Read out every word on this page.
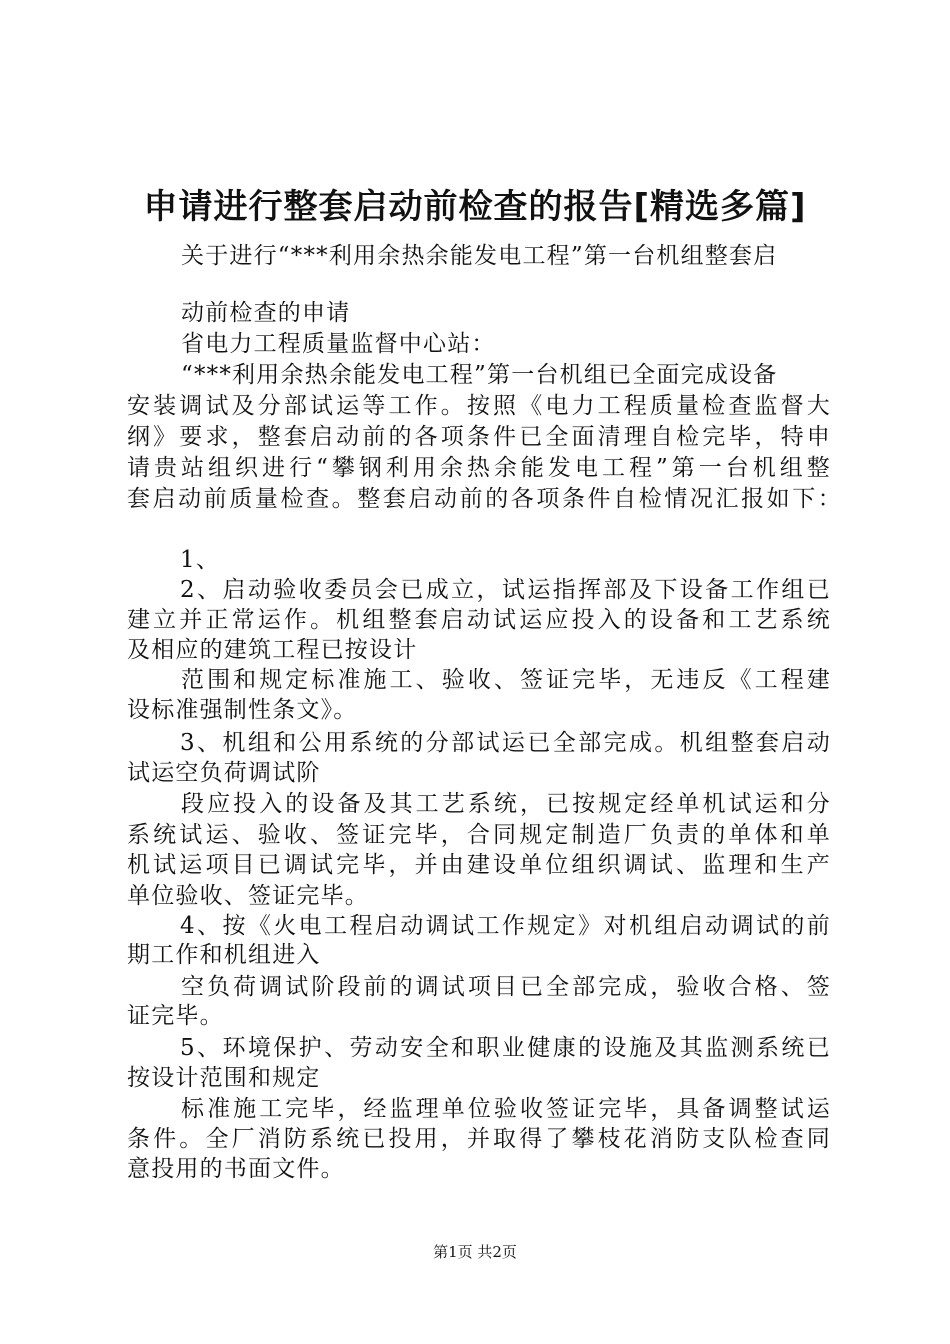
申请进行整套启动前检查的报告[精选多篇]
关于进行“***利用余热余能发电工程”第一台机组整套启
动前检查的申请
省电力工程质量监督中心站：
“***利用余热余能发电工程”第一台机组已全面完成设备
安装调试及分部试运等工作。按照《电力工程质量检查监督大
纲》要求，整套启动前的各项条件已全面清理自检完毕，特申
请贵站组织进行“攀钢利用余热余能发电工程”第一台机组整
套启动前质量检查。整套启动前的各项条件自检情况汇报如下：
1、
2、启动验收委员会已成立，试运指挥部及下设备工作组已
建立并正常运作。机组整套启动试运应投入的设备和工艺系统
及相应的建筑工程已按设计
范围和规定标准施工、验收、签证完毕，无违反《工程建
设标准强制性条文》。
3、机组和公用系统的分部试运已全部完成。机组整套启动
试运空负荷调试阶
段应投入的设备及其工艺系统，已按规定经单机试运和分
系统试运、验收、签证完毕，合同规定制造厂负责的单体和单
机试运项目已调试完毕，并由建设单位组织调试、监理和生产
单位验收、签证完毕。
4、按《火电工程启动调试工作规定》对机组启动调试的前
期工作和机组进入
空负荷调试阶段前的调试项目已全部完成，验收合格、签
证完毕。
5、环境保护、劳动安全和职业健康的设施及其监测系统已
按设计范围和规定
标准施工完毕，经监理单位验收签证完毕，具备调整试运
条件。全厂消防系统已投用，并取得了攀枝花消防支队检查同
意投用的书面文件。
第1页 共2页
